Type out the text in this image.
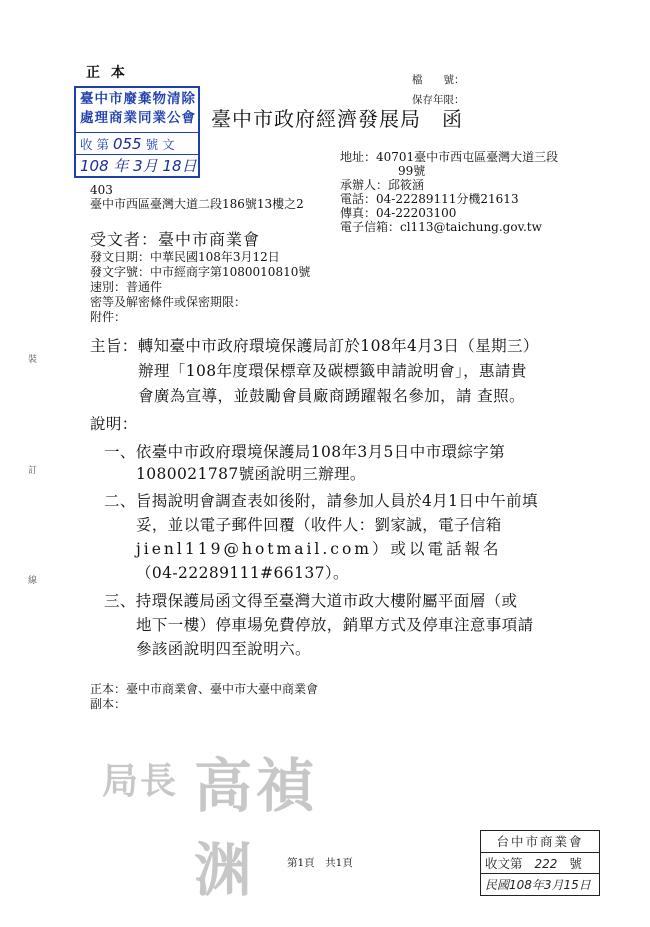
正 本	檔　　號：
保存年限：
臺中市廢棄物清除處理商業同業公會
收 第 055 號 文
108 年 3月 18日
臺中市政府經濟發展局　函
地址：40701臺中市西屯區臺灣大道三段
99號
承辦人：邱筱涵
電話：04-22289111分機21613
傳真：04-22203100
電子信箱：cl113@taichung.gov.tw
403
臺中市西區臺灣大道二段186號13樓之2
受文者：臺中市商業會
發文日期：中華民國108年3月12日
發文字號：中市經商字第1080010810號
速別：普通件
密等及解密條件或保密期限：
附件：
裝
訂
線
主旨：轉知臺中市政府環境保護局訂於108年4月3日（星期三）
辦理「108年度環保標章及碳標籤申請說明會」，惠請貴
會廣為宣導，並鼓勵會員廠商踴躍報名參加，請 查照。
說明：
一、依臺中市政府環境保護局108年3月5日中市環綜字第
1080021787號函說明三辦理。
二、旨揭說明會調查表如後附，請參加人員於4月1日中午前填
妥，並以電子郵件回覆（收件人：劉家誠，電子信箱
jienl119@hotmail.com）或以電話報名
（04-22289111#66137）。
三、持環保護局函文得至臺灣大道市政大樓附屬平面層（或
地下一樓）停車場免費停放，銷單方式及停車注意事項請
參該函說明四至說明六。
正本：臺中市商業會、臺中市大臺中商業會
副本：
局長 高禎渊	第1頁　共1頁
台中市商業會
收文第 222 號
民國108年3月15日
